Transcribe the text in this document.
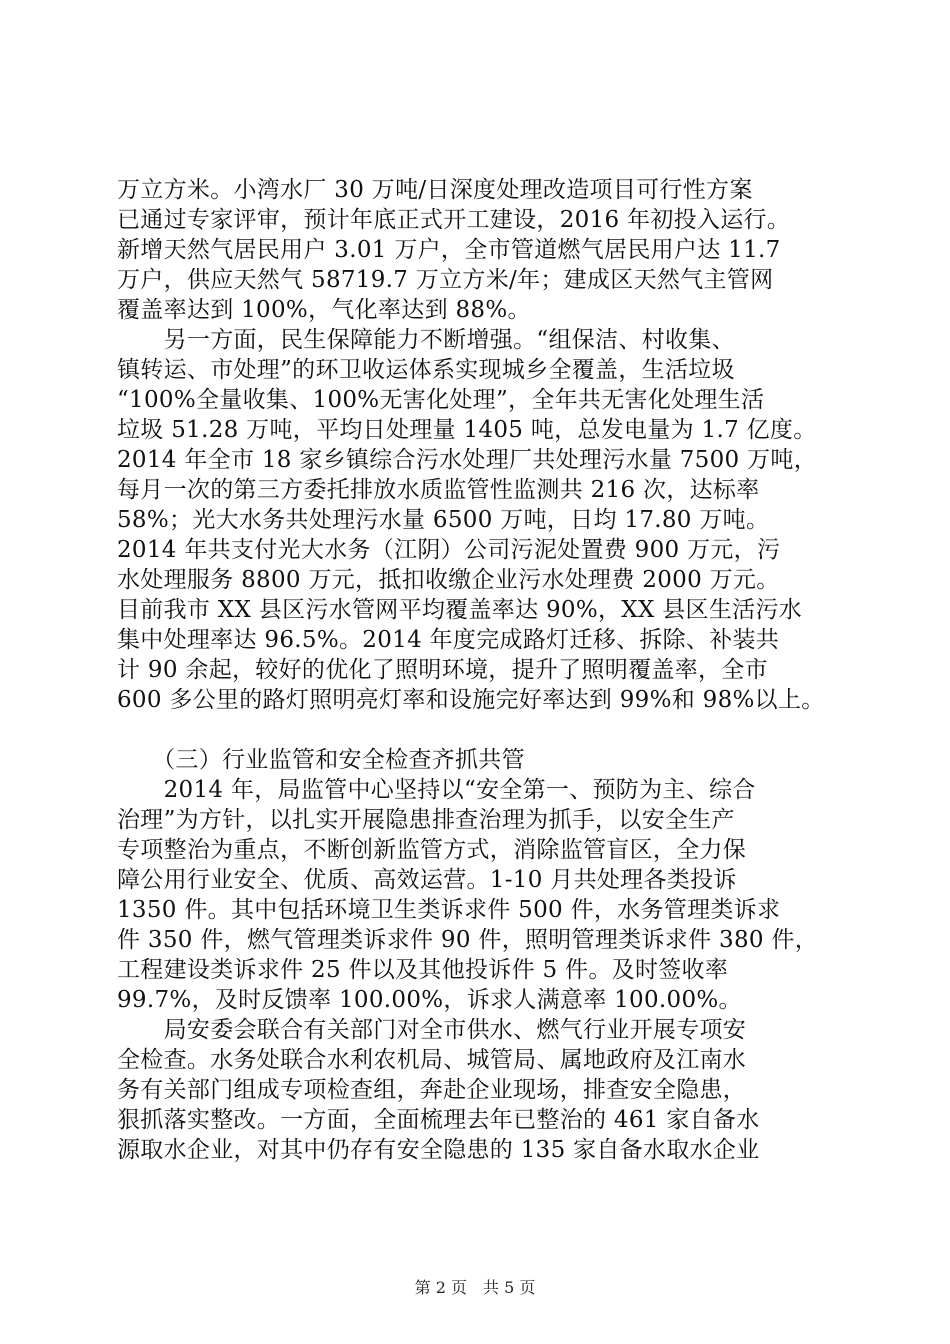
万立方米。小湾水厂 30 万吨/日深度处理改造项目可行性方案
已通过专家评审，预计年底正式开工建设，2016 年初投入运行。
新增天然气居民用户 3.01 万户，全市管道燃气居民用户达 11.7
万户，供应天然气 58719.7 万立方米/年；建成区天然气主管网
覆盖率达到 100%，气化率达到 88%。
　　另一方面，民生保障能力不断增强。“组保洁、村收集、
镇转运、市处理”的环卫收运体系实现城乡全覆盖，生活垃圾
“100%全量收集、100%无害化处理”，全年共无害化处理生活
垃圾 51.28 万吨，平均日处理量 1405 吨，总发电量为 1.7 亿度。
2014 年全市 18 家乡镇综合污水处理厂共处理污水量 7500 万吨，
每月一次的第三方委托排放水质监管性监测共 216 次，达标率
58%；光大水务共处理污水量 6500 万吨，日均 17.80 万吨。
2014 年共支付光大水务（江阴）公司污泥处置费 900 万元，污
水处理服务 8800 万元，抵扣收缴企业污水处理费 2000 万元。
目前我市 XX 县区污水管网平均覆盖率达 90%，XX 县区生活污水
集中处理率达 96.5%。2014 年度完成路灯迁移、拆除、补装共
计 90 余起，较好的优化了照明环境，提升了照明覆盖率，全市
600 多公里的路灯照明亮灯率和设施完好率达到 99%和 98%以上。
　　（三）行业监管和安全检查齐抓共管
　　2014 年，局监管中心坚持以“安全第一、预防为主、综合
治理”为方针，以扎实开展隐患排查治理为抓手，以安全生产
专项整治为重点，不断创新监管方式，消除监管盲区，全力保
障公用行业安全、优质、高效运营。1-10 月共处理各类投诉
1350 件。其中包括环境卫生类诉求件 500 件，水务管理类诉求
件 350 件，燃气管理类诉求件 90 件，照明管理类诉求件 380 件，
工程建设类诉求件 25 件以及其他投诉件 5 件。及时签收率
99.7%，及时反馈率 100.00%，诉求人满意率 100.00%。
　　局安委会联合有关部门对全市供水、燃气行业开展专项安
全检查。水务处联合水利农机局、城管局、属地政府及江南水
务有关部门组成专项检查组，奔赴企业现场，排查安全隐患，
狠抓落实整改。一方面，全面梳理去年已整治的 461 家自备水
源取水企业，对其中仍存有安全隐患的 135 家自备水取水企业
第 2 页　共 5 页
